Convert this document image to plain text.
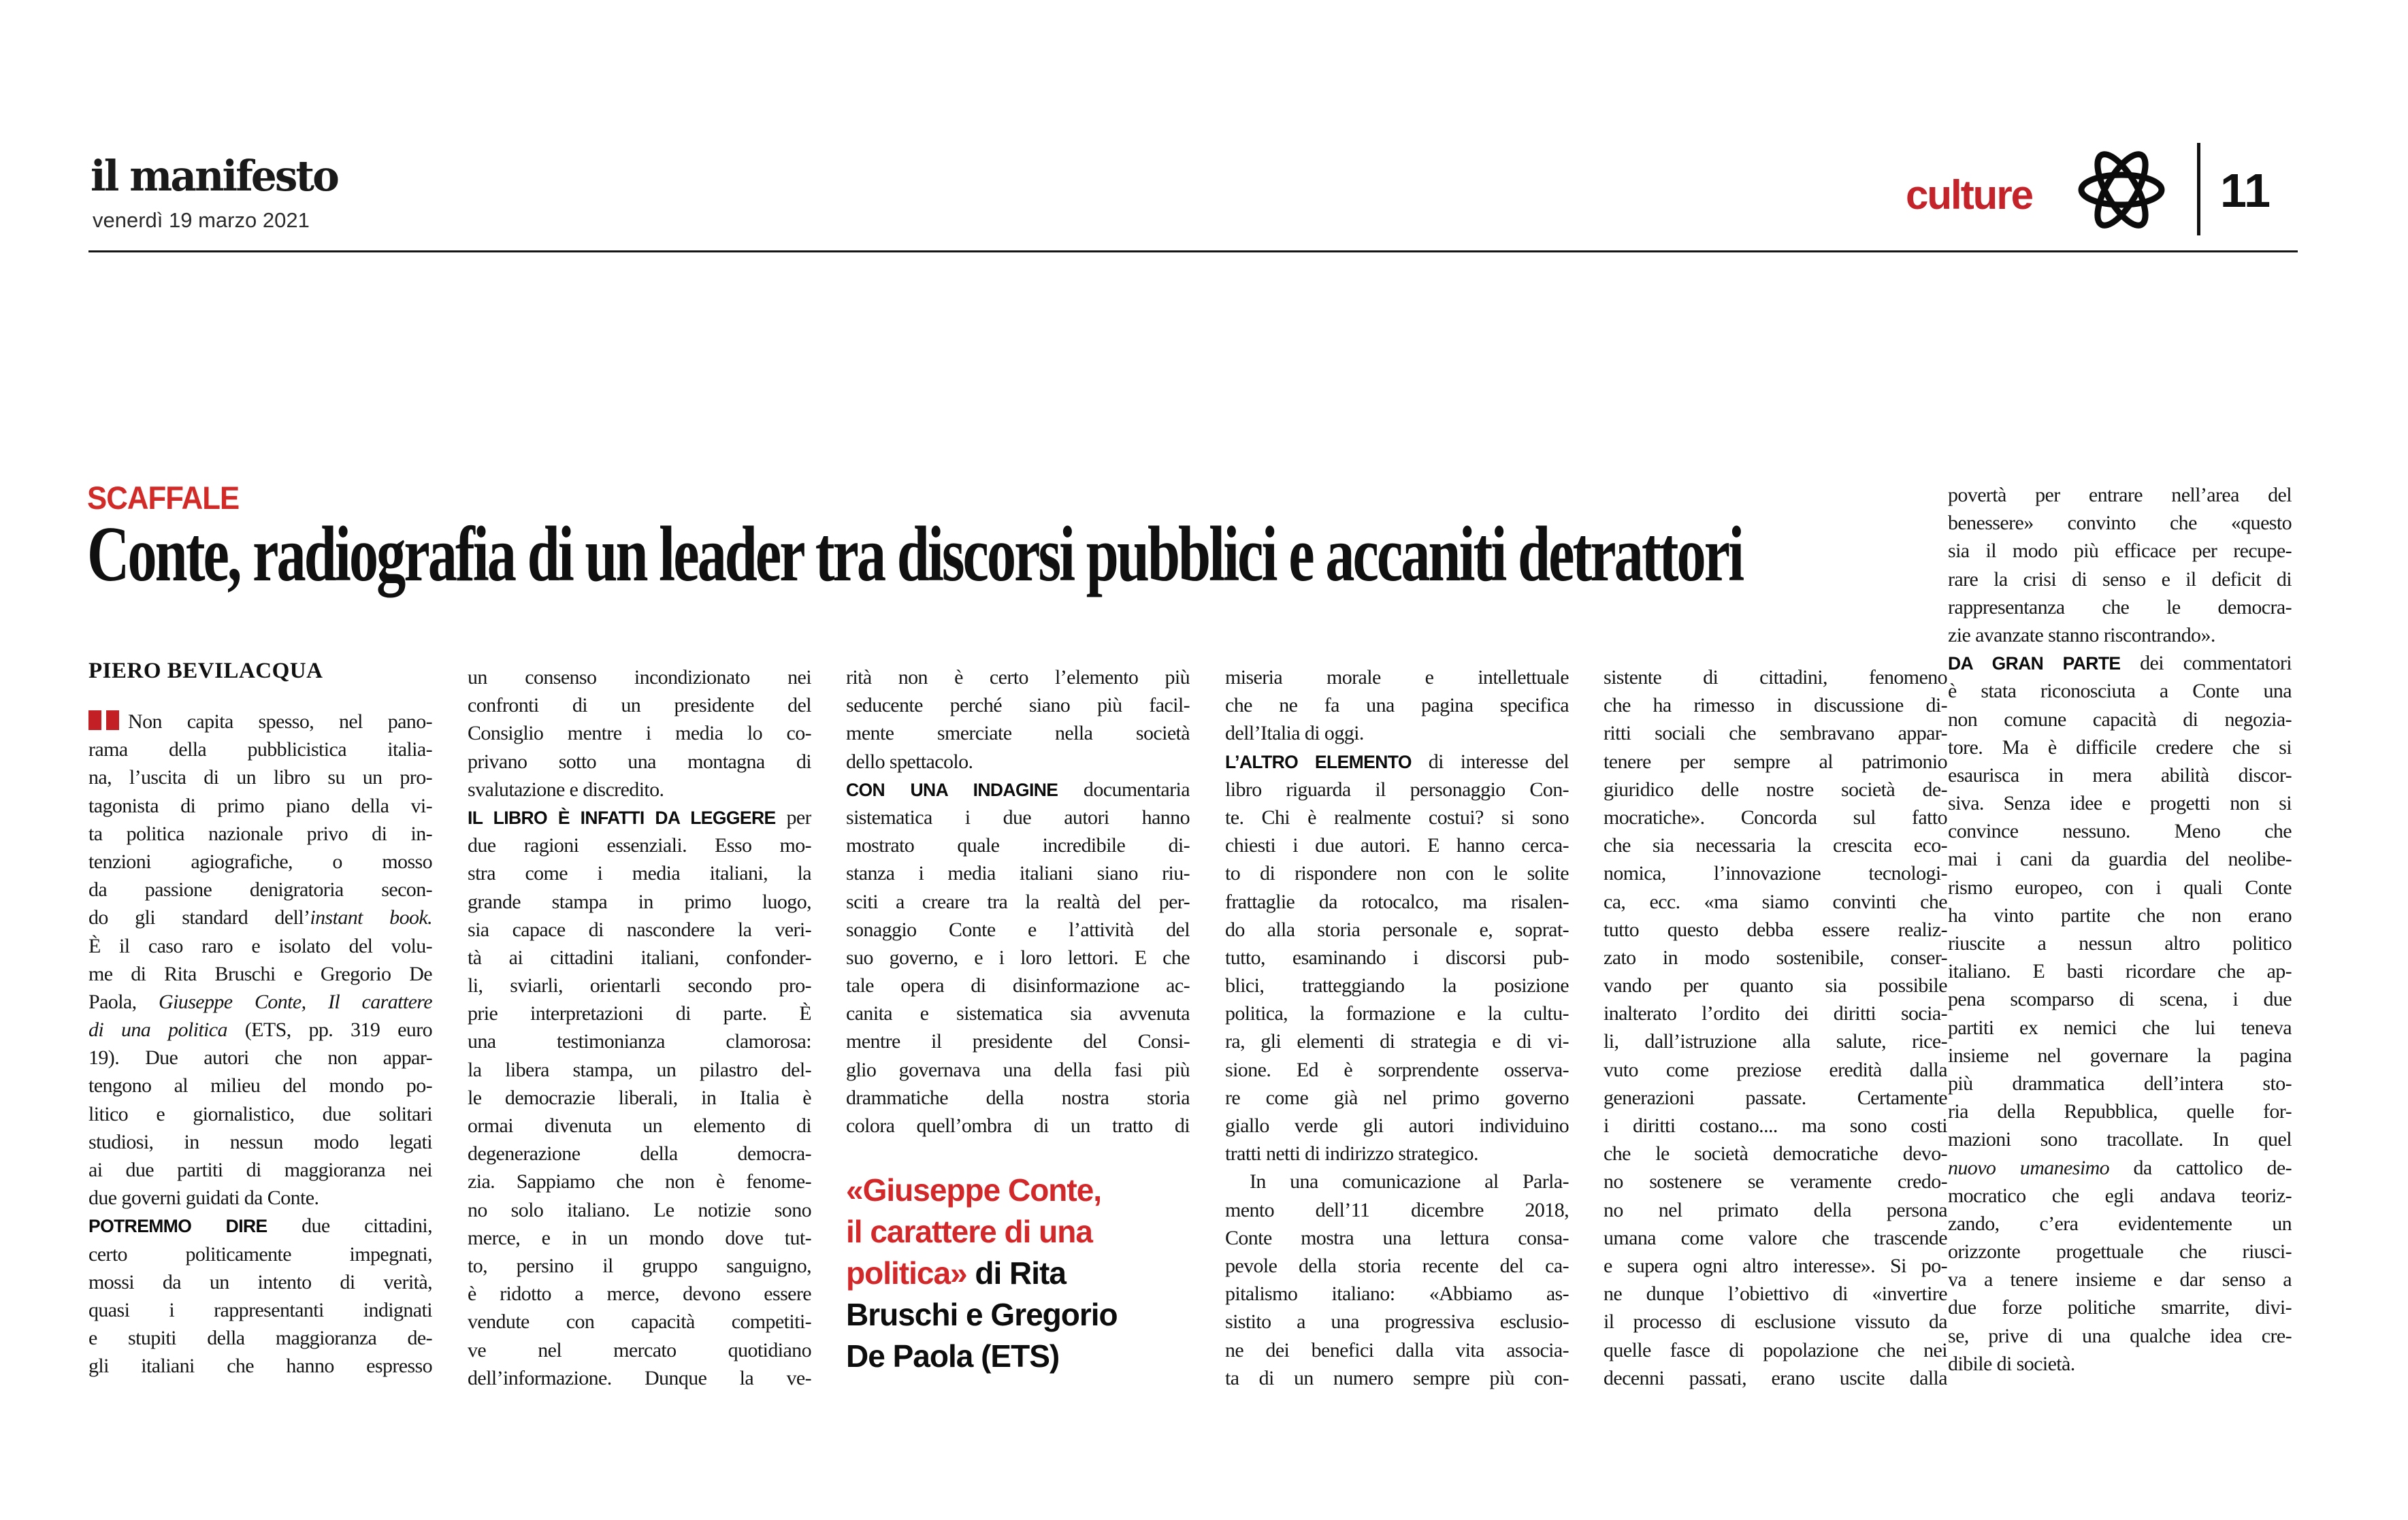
il manifesto
venerdì 19 marzo 2021
culture	11
SCAFFALE
Conte, radiografia di un leader tra discorsi pubblici e accaniti detrattori
PIERO BEVILACQUA
Non capita spesso, nel pano-
rama della pubblicistica italia-
na, l’uscita di un libro su un pro-
tagonista di primo piano della vi-
ta politica nazionale privo di in-
tenzioni agiografiche, o mosso
da passione denigratoria secon-
do gli standard dell’instant book.
È il caso raro e isolato del volu-
me di Rita Bruschi e Gregorio De
Paola, Giuseppe Conte, Il carattere
di una politica (ETS, pp. 319 euro
19). Due autori che non appar-
tengono al milieu del mondo po-
litico e giornalistico, due solitari
studiosi, in nessun modo legati
ai due partiti di maggioranza nei
due governi guidati da Conte.
POTREMMO DIRE due cittadini,
certo politicamente impegnati,
mossi da un intento di verità,
quasi i rappresentanti indignati
e stupiti della maggioranza de-
gli italiani che hanno espresso
un consenso incondizionato nei
confronti di un presidente del
Consiglio mentre i media lo co-
privano sotto una montagna di
svalutazione e discredito.
IL LIBRO È INFATTI DA LEGGERE per
due ragioni essenziali. Esso mo-
stra come i media italiani, la
grande stampa in primo luogo,
sia capace di nascondere la veri-
tà ai cittadini italiani, confonder-
li, sviarli, orientarli secondo pro-
prie interpretazioni di parte. È
una testimonianza clamorosa:
la libera stampa, un pilastro del-
le democrazie liberali, in Italia è
ormai divenuta un elemento di
degenerazione della democra-
zia. Sappiamo che non è fenome-
no solo italiano. Le notizie sono
merce, e in un mondo dove tut-
to, persino il gruppo sanguigno,
è ridotto a merce, devono essere
vendute con capacità competiti-
ve nel mercato quotidiano
dell’informazione. Dunque la ve-
rità non è certo l’elemento più
seducente perché siano più facil-
mente smerciate nella società
dello spettacolo.
CON UNA INDAGINE documentaria
sistematica i due autori hanno
mostrato quale incredibile di-
stanza i media italiani siano riu-
sciti a creare tra la realtà del per-
sonaggio Conte e l’attività del
suo governo, e i loro lettori. E che
tale opera di disinformazione ac-
canita e sistematica sia avvenuta
mentre il presidente del Consi-
glio governava una della fasi più
drammatiche della nostra storia
colora quell’ombra di un tratto di
«Giuseppe Conte,
il carattere di una
politica» di Rita
Bruschi e Gregorio
De Paola (ETS)
miseria morale e intellettuale
che ne fa una pagina specifica
dell’Italia di oggi.
L’ALTRO ELEMENTO di interesse del
libro riguarda il personaggio Con-
te. Chi è realmente costui? si sono
chiesti i due autori. E hanno cerca-
to di rispondere non con le solite
frattaglie da rotocalco, ma risalen-
do alla storia personale e, soprat-
tutto, esaminando i discorsi pub-
blici, tratteggiando la posizione
politica, la formazione e la cultu-
ra, gli elementi di strategia e di vi-
sione. Ed è sorprendente osserva-
re come già nel primo governo
giallo verde gli autori individuino
tratti netti di indirizzo strategico.
In una comunicazione al Parla-
mento dell’11 dicembre 2018,
Conte mostra una lettura consa-
pevole della storia recente del ca-
pitalismo italiano: «Abbiamo as-
sistito a una progressiva esclusio-
ne dei benefici dalla vita associa-
ta di un numero sempre più con-
sistente di cittadini, fenomeno
che ha rimesso in discussione di-
ritti sociali che sembravano appar-
tenere per sempre al patrimonio
giuridico delle nostre società de-
mocratiche». Concorda sul fatto
che sia necessaria la crescita eco-
nomica, l’innovazione tecnologi-
ca, ecc. «ma siamo convinti che
tutto questo debba essere realiz-
zato in modo sostenibile, conser-
vando per quanto sia possibile
inalterato l’ordito dei diritti socia-
li, dall’istruzione alla salute, rice-
vuto come preziose eredità dalla
generazioni passate. Certamente
i diritti costano.... ma sono costi
che le società democratiche devo-
no sostenere se veramente credo-
no nel primato della persona
umana come valore che trascende
e supera ogni altro interesse». Si po-
ne dunque l’obiettivo di «invertire
il processo di esclusione vissuto da
quelle fasce di popolazione che nei
decenni passati, erano uscite dalla
povertà per entrare nell’area del
benessere» convinto che «questo
sia il modo più efficace per recupe-
rare la crisi di senso e il deficit di
rappresentanza che le democra-
zie avanzate stanno riscontrando».
DA GRAN PARTE dei commentatori
è stata riconosciuta a Conte una
non comune capacità di negozia-
tore. Ma è difficile credere che si
esaurisca in mera abilità discor-
siva. Senza idee e progetti non si
convince nessuno. Meno che
mai i cani da guardia del neolibe-
rismo europeo, con i quali Conte
ha vinto partite che non erano
riuscite a nessun altro politico
italiano. E basti ricordare che ap-
pena scomparso di scena, i due
partiti ex nemici che lui teneva
insieme nel governare la pagina
più drammatica dell’intera sto-
ria della Repubblica, quelle for-
mazioni sono tracollate. In quel
nuovo umanesimo da cattolico de-
mocratico che egli andava teoriz-
zando, c’era evidentemente un
orizzonte progettuale che riusci-
va a tenere insieme e dar senso a
due forze politiche smarrite, divi-
se, prive di una qualche idea cre-
dibile di società.
